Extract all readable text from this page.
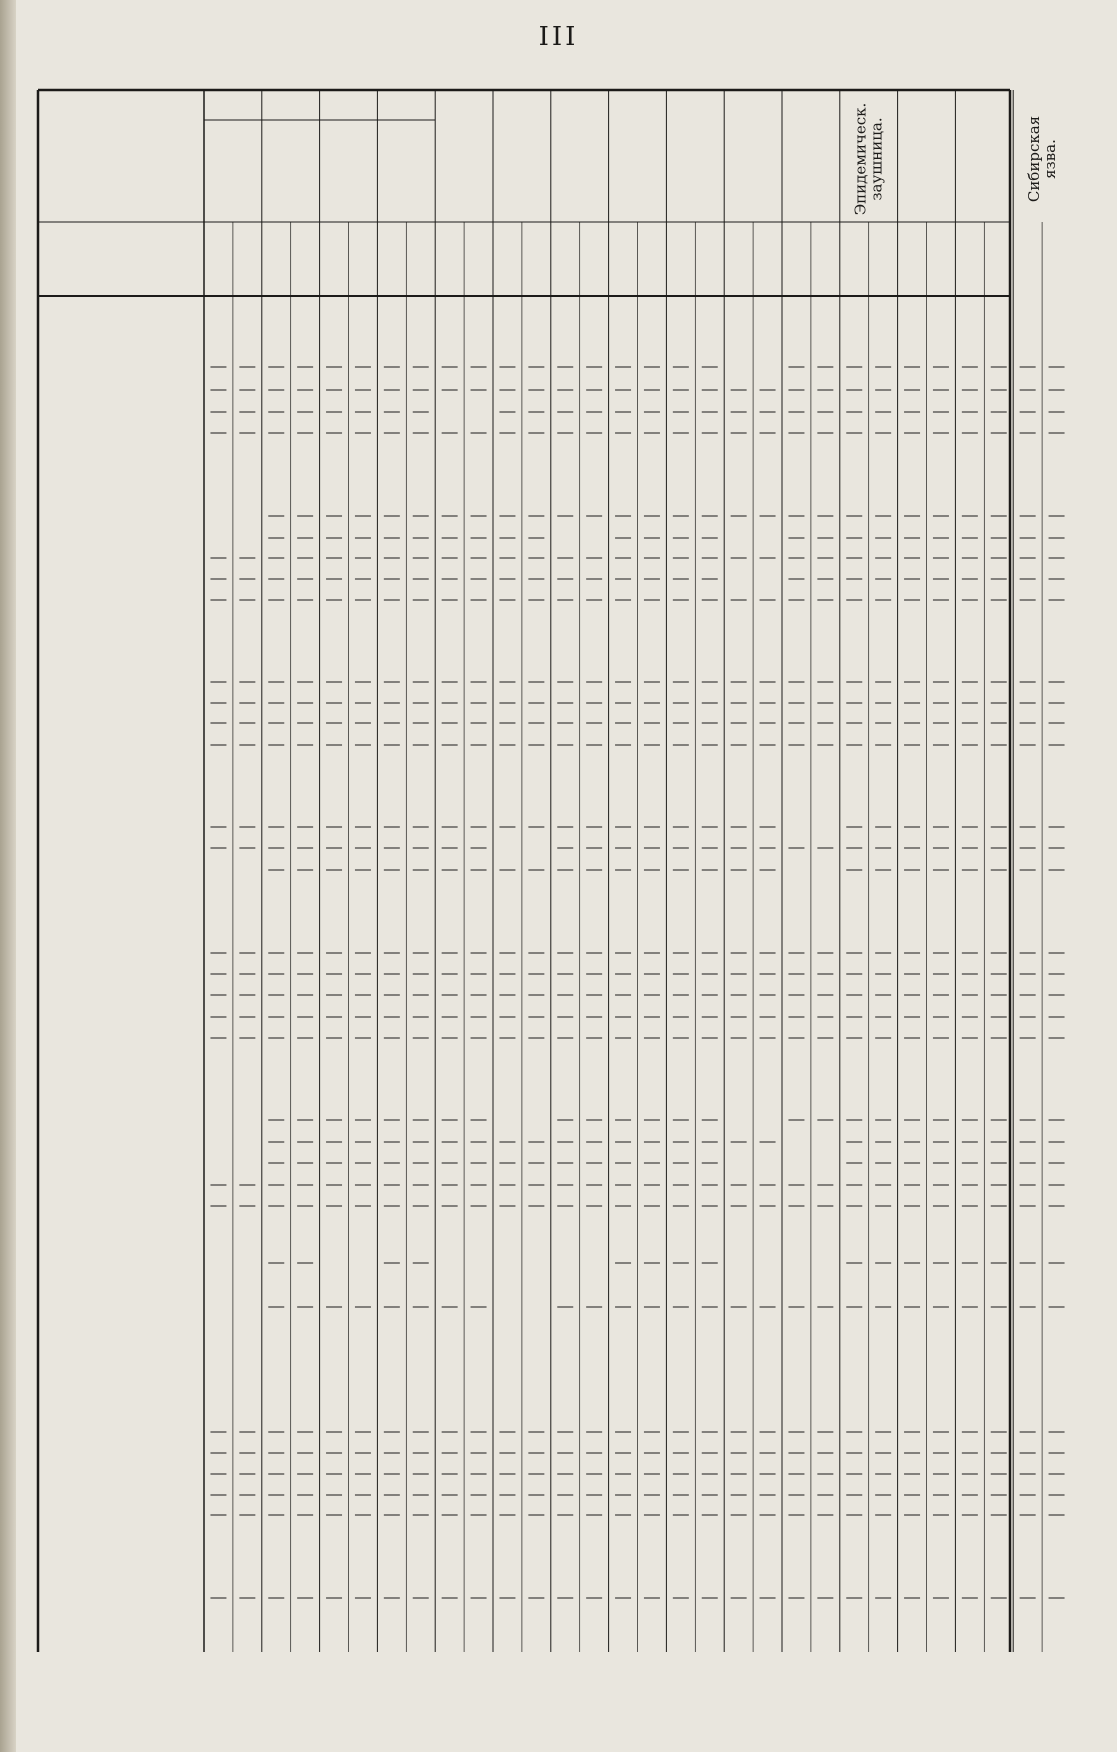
III
Эпидемическ.
заушница.	Сибирская
язва.
